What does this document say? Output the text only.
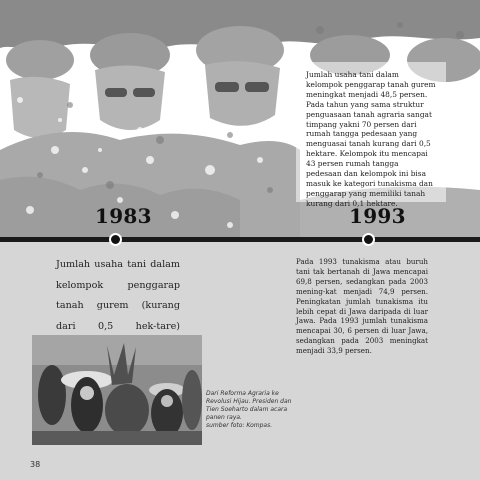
Jumlah usaha tani dalam kelompok penggarap tanah gurem meningkat menjadi 48,5 persen. Pada tahun yang sama struktur penguasaan tanah agraria sangat timpang yakni 70 persen dari rumah tangga pedesaan yang menguasai tanah kurang dari 0,5 hektare. Kelompok itu mencapai 43 persen rumah tangga pedesaan dan kelompok ini bisa masuk ke kategori tunakisma dan penggarap yang memiliki tanah kurang dari 0,1 hektare.
1983	1993
Jumlah usaha tani dalam kelompok penggarap tanah gurem (kurang dari 0,5 hek-tare)
Pada 1993 tunakisma atau buruh tani tak bertanah di Jawa mencapai 69,8 persen, sedangkan pada 2003 mening-kat menjadi 74,9 persen. Peningkatan jumlah tunakisma itu lebih cepat di Jawa daripada di luar Jawa. Pada 1993 jumlah tunakisma mencapai 30, 6 persen di luar Jawa, sedangkan pada 2003 meningkat menjadi 33,9 persen.
Dari Reforma Agraria ke
Revolusi Hijau. Presiden dan
Tien Soeharto dalam acara
panen raya.
sumber foto: Kompas.
38
